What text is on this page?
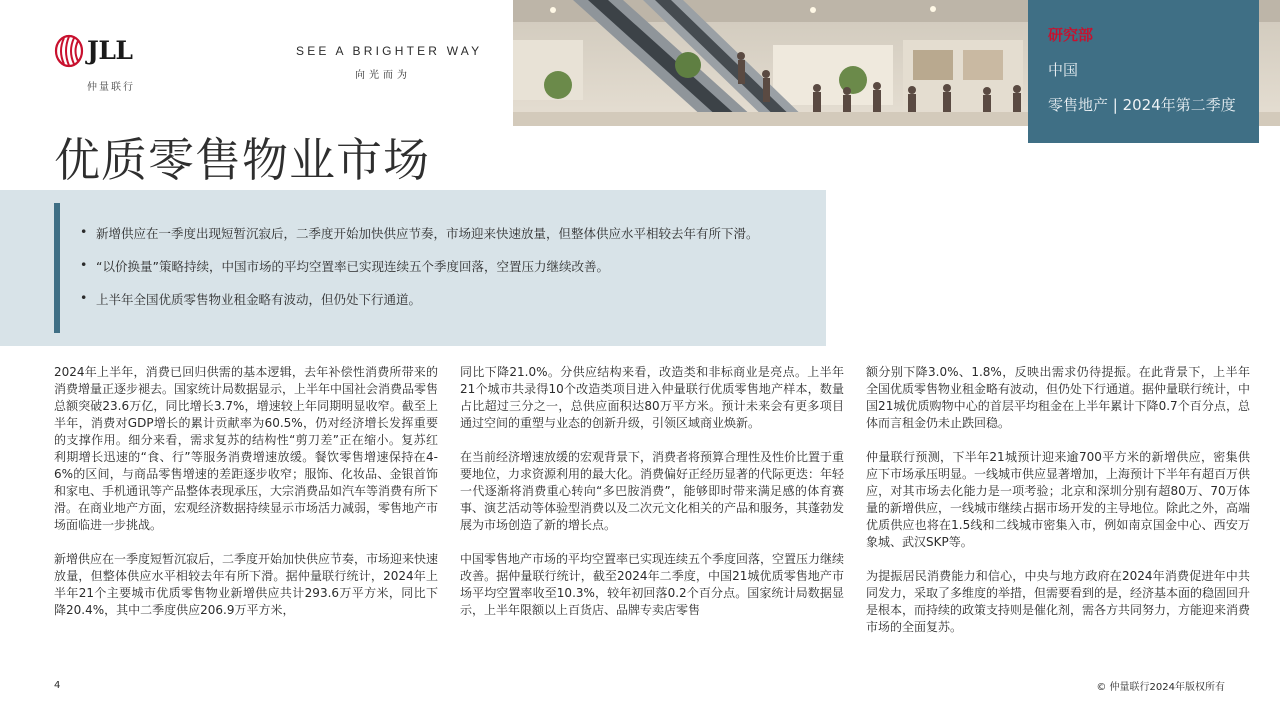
JLL
仲量联行
SEE A BRIGHTER WAY
向光而为
研究部
中国
零售地产 | 2024年第二季度
优质零售物业市场
• 新增供应在一季度出现短暂沉寂后，二季度开始加快供应节奏，市场迎来快速放量，但整体供应水平相较去年有所下滑。
• “以价换量”策略持续，中国市场的平均空置率已实现连续五个季度回落，空置压力继续改善。
• 上半年全国优质零售物业租金略有波动，但仍处下行通道。

2024年上半年，消费已回归供需的基本逻辑，去年补偿性消费所带来的消费增量正逐步褪去。国家统计局数据显示，上半年中国社会消费品零售总额突破23.6万亿，同比增长3.7%，增速较上年同期明显收窄。截至上半年，消费对GDP增长的累计贡献率为60.5%，仍对经济增长发挥重要的支撑作用。细分来看，需求复苏的结构性“剪刀差”正在缩小。复苏红利期增长迅速的“食、行”等服务消费增速放缓。餐饮零售增速保持在4-6%的区间，与商品零售增速的差距逐步收窄；服饰、化妆品、金银首饰和家电、手机通讯等产品整体表现承压，大宗消费品如汽车等消费有所下滑。在商业地产方面，宏观经济数据持续显示市场活力减弱，零售地产市场面临进一步挑战。

新增供应在一季度短暂沉寂后，二季度开始加快供应节奏，市场迎来快速放量，但整体供应水平相较去年有所下滑。据仲量联行统计，2024年上半年21个主要城市优质零售物业新增供应共计293.6万平方米，同比下降20.4%，其中二季度供应206.9万平方米，

同比下降21.0%。分供应结构来看，改造类和非标商业是亮点。上半年21个城市共录得10个改造类项目进入仲量联行优质零售地产样本，数量占比超过三分之一，总供应面积达80万平方米。预计未来会有更多项目通过空间的重塑与业态的创新升级，引领区域商业焕新。

在当前经济增速放缓的宏观背景下，消费者将预算合理性及性价比置于重要地位，力求资源利用的最大化。消费偏好正经历显著的代际更迭：年轻一代逐渐将消费重心转向“多巴胺消费”，能够即时带来满足感的体育赛事、演艺活动等体验型消费以及二次元文化相关的产品和服务，其蓬勃发展为市场创造了新的增长点。

中国零售地产市场的平均空置率已实现连续五个季度回落，空置压力继续改善。据仲量联行统计，截至2024年二季度，中国21城优质零售地产市场平均空置率收至10.3%，较年初回落0.2个百分点。国家统计局数据显示，上半年限额以上百货店、品牌专卖店零售

额分别下降3.0%、1.8%，反映出需求仍待提振。在此背景下，上半年全国优质零售物业租金略有波动，但仍处下行通道。据仲量联行统计，中国21城优质购物中心的首层平均租金在上半年累计下降0.7个百分点，总体而言租金仍未止跌回稳。

仲量联行预测，下半年21城预计迎来逾700平方米的新增供应，密集供应下市场承压明显。一线城市供应显著增加，上海预计下半年有超百万供应，对其市场去化能力是一项考验；北京和深圳分别有超80万、70万体量的新增供应，一线城市继续占据市场开发的主导地位。除此之外，高端优质供应也将在1.5线和二线城市密集入市，例如南京国金中心、西安万象城、武汉SKP等。

为提振居民消费能力和信心，中央与地方政府在2024年消费促进年中共同发力，采取了多维度的举措，但需要看到的是，经济基本面的稳固回升是根本，而持续的政策支持则是催化剂，需各方共同努力，方能迎来消费市场的全面复苏。

4	© 仲量联行2024年版权所有
